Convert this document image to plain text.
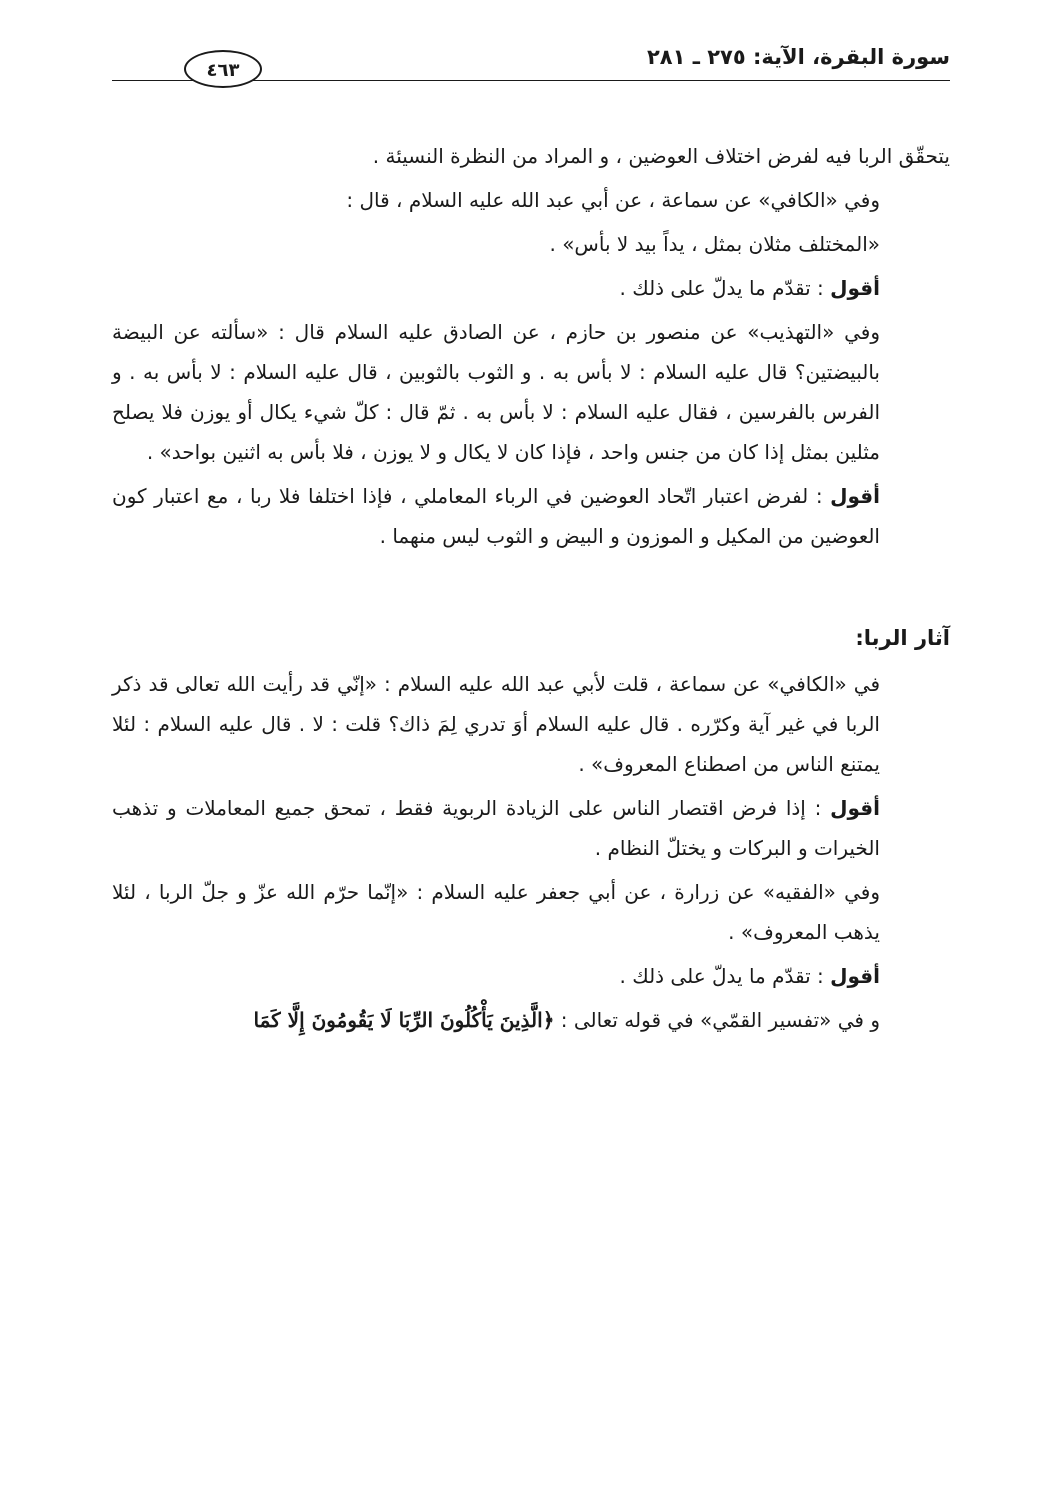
سورة البقرة، الآية: ٢٧٥ ـ ٢٨١
٤٦٣

يتحقّق الربا فيه لفرض اختلاف العوضين ، و المراد من النظرة النسيئة .

وفي «الكافي» عن سماعة ، عن أبي عبد الله عليه السلام ، قال :

«المختلف مثلان بمثل ، يداً بيد لا بأس» .

أقول : تقدّم ما يدلّ على ذلك .

وفي «التهذيب» عن منصور بن حازم ، عن الصادق عليه السلام قال : «سألته عن البيضة بالبيضتين؟ قال عليه السلام : لا بأس به . و الثوب بالثوبين ، قال عليه السلام : لا بأس به . و الفرس بالفرسين ، فقال عليه السلام : لا بأس به . ثمّ قال : كلّ شيء يكال أو يوزن فلا يصلح مثلين بمثل إذا كان من جنس واحد ، فإذا كان لا يكال و لا يوزن ، فلا بأس به اثنين بواحد» .

أقول : لفرض اعتبار اتّحاد العوضين في الرباء المعاملي ، فإذا اختلفا فلا ربا ، مع اعتبار كون العوضين من المكيل و الموزون و البيض و الثوب ليس منهما .

آثار الربا:

في «الكافي» عن سماعة ، قلت لأبي عبد الله عليه السلام : «إنّي قد رأيت الله تعالى قد ذكر الربا في غير آية وكرّره . قال عليه السلام أوَ تدري لِمَ ذاك؟ قلت : لا . قال عليه السلام : لئلا يمتنع الناس من اصطناع المعروف» .

أقول : إذا فرض اقتصار الناس على الزيادة الربوية فقط ، تمحق جميع المعاملات و تذهب الخيرات و البركات و يختلّ النظام .

وفي «الفقيه» عن زرارة ، عن أبي جعفر عليه السلام : «إنّما حرّم الله عزّ و جلّ الربا ، لئلا يذهب المعروف» .

أقول : تقدّم ما يدلّ على ذلك .

و في «تفسير القمّي» في قوله تعالى : ﴿الَّذِينَ يَأْكُلُونَ الرِّبَا لَا يَقُومُونَ إِلَّا كَمَا
